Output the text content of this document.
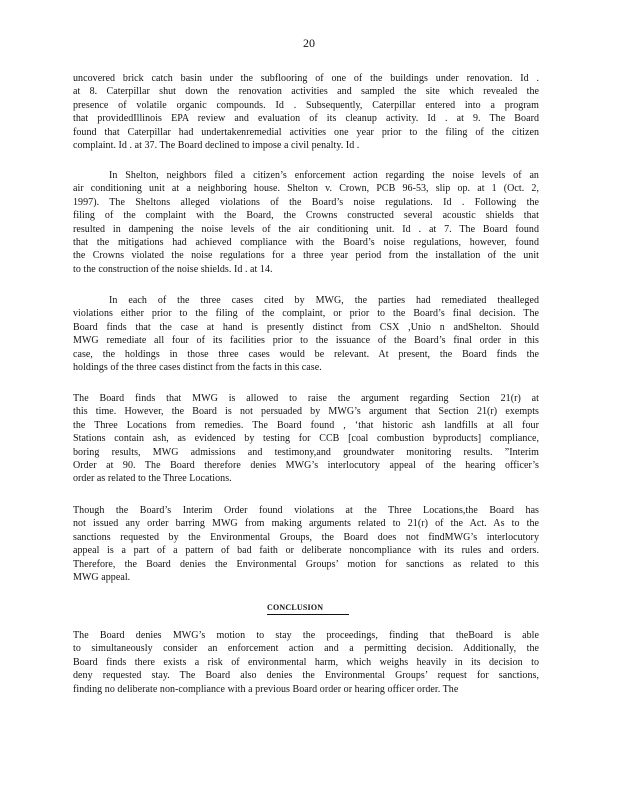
20
uncovered brick catch basin under the subflooring of one of the buildings under renovation. Id .
at 8. Caterpillar shut down the renovation activities and sampled the site which revealed the
presence of volatile organic compounds. Id . Subsequently, Caterpillar entered into a program
that providedIllinois EPA review and evaluation of its cleanup activity. Id . at 9. The Board
found that Caterpillar had undertakenremedial activities one year prior to the filing of the citizen
complaint. Id . at 37. The Board declined to impose a civil penalty. Id .
In Shelton, neighbors filed a citizen’s enforcement action regarding the noise levels of an
air conditioning unit at a neighboring house. Shelton v. Crown, PCB 96-53, slip op. at 1 (Oct. 2,
1997). The Sheltons alleged violations of the Board’s noise regulations. Id . Following the
filing of the complaint with the Board, the Crowns constructed several acoustic shields that
resulted in dampening the noise levels of the air conditioning unit. Id . at 7. The Board found
that the mitigations had achieved compliance with the Board’s noise regulations, however, found
the Crowns violated the noise regulations for a three year period from the installation of the unit
to the construction of the noise shields. Id . at 14.
In each of the three cases cited by MWG, the parties had remediated thealleged
violations either prior to the filing of the complaint, or prior to the Board’s final decision. The
Board finds that the case at hand is presently distinct from CSX ,Unio n andShelton. Should
MWG remediate all four of its facilities prior to the issuance of the Board’s final order in this
case, the holdings in those three cases would be relevant. At present, the Board finds the
holdings of the three cases distinct from the facts in this case.
The Board finds that MWG is allowed to raise the argument regarding Section 21(r) at
this time. However, the Board is not persuaded by MWG’s argument that Section 21(r) exempts
the Three Locations from remedies. The Board found , ‘that historic ash landfills at all four
Stations contain ash, as evidenced by testing for CCB [coal combustion byproducts] compliance,
boring results, MWG admissions and testimony,and groundwater monitoring results. ”Interim
Order at 90. The Board therefore denies MWG’s interlocutory appeal of the hearing officer’s
order as related to the Three Locations.
Though the Board’s Interim Order found violations at the Three Locations,the Board has
not issued any order barring MWG from making arguments related to 21(r) of the Act. As to the
sanctions requested by the Environmental Groups, the Board does not findMWG’s interlocutory
appeal is a part of a pattern of bad faith or deliberate noncompliance with its rules and orders.
Therefore, the Board denies the Environmental Groups’ motion for sanctions as related to this
MWG appeal.
CONCLUSION
The Board denies MWG’s motion to stay the proceedings, finding that theBoard is able
to simultaneously consider an enforcement action and a permitting decision. Additionally, the
Board finds there exists a risk of environmental harm, which weighs heavily in its decision to
deny requested stay. The Board also denies the Environmental Groups’ request for sanctions,
finding no deliberate non-compliance with a previous Board order or hearing officer order. The
